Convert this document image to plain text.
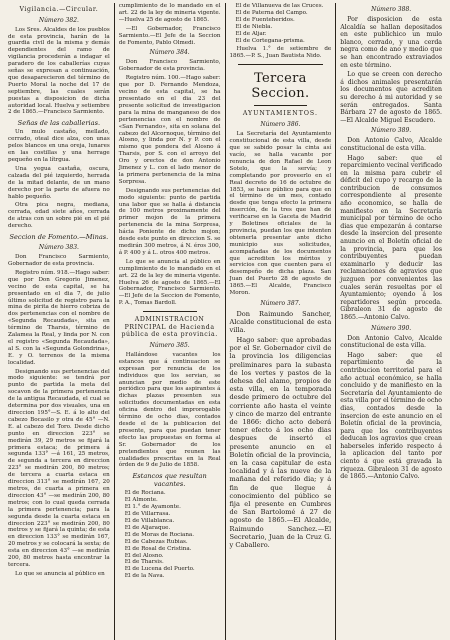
Vigilancia.—Circular.
Número 382.

Los Sres. Alcaldes de los pueblos de esta provincia, harán de la guardia civil de la misma y demás dependientes del ramo de vigilancia procederán a indagar el paradero de los caballerías cuyas señas se expresan a continuación, que desaparecieron del término de Puerto Moral la noche del 17 de septiembre, las cuales serán puestas a disposicion de dicha autoridad local. Huelva y setiembre 2 de 1865.—Francisco Sarmiento.

Señas de las caballerias.

Un mulo castaño, mellado, cerrado, oteal dice alza, con unas pelos blancos en una oreja, lunares en las costillas y una herrage pequeño en la lítrgua.

Una yegua castaña, oscura, calzada del pié izquierdo, herrada de la mitad delante, de un mano derecho por la parte de afuera no hablo pequeño.

Otra pica negra, mediana, cerrada, edad siete años, cerrada de atras con un sobre pié en el pié derecho.

Seccion de Fomento.—Minas.
Número 383.

Don Francisco Sarmiento, Gobernador de esta provincia.

Registro núm. 918.—Hago saber: que por Don Gregorio Jimenez, vecino de esta capital, se ha presentado en el dia 7, de julio último solicitud de registro para la mina de pirita de hierro cobriza de dos pertenencias con el nombre de «Segunda Recaudada», sita en término de Tharsis, término de Zalamea la Real, y linda por N. con el registro «Segunda Recaudada», al S. con la «Segunda Golondrina», E. y O. terrenos de la misma localidad.

Designando sus pertenencias del modo siguiente: se tendrá por punto de partida la meta del socavon de la primera pertenencia de la antigua Recaudada, el cual se determina por dos visuales, una en direccion 195°—S. E. á lo alto del cabezo Bocasilo y otra de 45° —N. E. al cabezo del Toro. Desde dicho punto en direccion 223° se medirán 39, 29 metros se fijará la primera estaca; de primera á segunda 133° —á 161, 25 metros, de segunda a tercera en direccion 223° se medirán 200, 80 metros; de tercera a cuarta estaca en direccion 313° se medirán 167, 20 metros, de cuarta a primera en direccion 43° —se medirán 200, 80 metros; con lo cual queda cerrada la primera pertenencia; para la segunda desde la cuarta estaca en direccion 223° se medirán 200, 80 metros y se fijará la quinta; de esta en direccion 133° se medirán 167, 20 metros y se colocará la sexta; de esta en direccion 43° —se medirán 200, 80 metros hasta encontrar la tercera.

Lo que se anuncia al público en

cumplimiento de lo mandado en el art. 22 de la ley de mineria vigente.—Huelva 25 de agosto de 1865.

—El Gobernador, Francisco Sarmiento.—El Jefe de la Seccion de Fomento, Pablo Olmedi.

Número 384.

Don Francisco Sarmiento, Gobernador de esta provincia.

Registro núm. 100.—Hago saber: que por D. Fernando Mendoza, vecino de esta capital, se ha presentado en el dia 23 del presente solicitud de investigacion para la mina de manganeso de dos pertenencias con el nombre de «San Fernando», sita en solana del cabezo del Alcornoque, término del Alosno, y linda por N. y P. con el mismo que pondera del Alosno á Tharsis, por S. con el arroyo del Oro y orectos de don Antonio Jimenez y L. con el lado menor de la primera pertenencia de la mina Sorpresa.

Designando sus pertenencias del modo siguiente: punto de partida una labor que se halla á distancia de 100 metros proximamente del primer mojon de la primera pertenencia de la mina Sorpresa, hácia Poniente de dicho mojon; desde este punto en direccion S. se medirán 300 metros, á N. éros 300, á P. 400 y á L. otros 400 metros.

Lo que se anuncia al público en cumplimiento de lo mandado en el art. 22 de la ley de mineria vigente. Huelva 26 de agosto de 1865.—El Gobernador, Francisco Sarmiento.—El Jefe de la Seccion de Fomento, P. A., Tomas Bardoll.

ADMINISTRACION PRINCIPAL de Hacienda pública de esta provincia.
Número 385.

Hallándose vacantes los estancos que á continuacion se expresan por renuncia de los individuos que los servian, se anuncian por medio de este periódico para que los aspirantes á dichas plazas presenten sus solicitudes documentadas en esta oficina dentro del improrogable término de ocho dias, contados desde el de la publicacion del presente, para que puedan tener efecto las propuestas en forma al Sr. Gobernador de los pretendientes que reunen las cualidades prescritas en la Real órden de 9 de Julio de 1858.

Estancos que resultan vacantes.
El de Rociana.
El Almonte.
El 1.° de Ayamonte.
El de Villarrasa.
El de Villablanca.
El de Aljaraque.
El de Moras de Rociana.
El de Cabezas Rubias.
El de Rosal de Cristina.
El del Alosno.
El de Tharsis.
El de Lucena del Puerto.
El de la Nava.
El de Villanueva de las Cruces.
El de Paterna del Campo.
El de Fuenteheridos.
El de Niebla.
El de Aljar.
El de Cortegana-prisma.

Huelva 1.° de setiembre de 1865.—P. S., Juan Bautista Nido.

Tercera Seccion.
AYUNTAMIENTOS.
Número 386.

La Secretaría del Ayuntamiento constitucional de esta villa, desde que se sabido posar la cinta así vacío, se halla vacante por renuncia de don Rafael de Leon Sotelo, que la servía; y completando por proveerlo en el Real decreto de 16 de octubre de 1853, se hace público para que en el término de un mes, contado desde que tenga efecto la primera inserción, de la tres que han de verificarse en la Gaceta de Madrid y Boletines oficiales de la provincia, puedan los que intenten obtenerla presentar ante dicho municipio sus solicitudes, acompañadas de los documentos que acrediten los méritos y servicios con que cuenten para el desempeño de dicha plaza. San Juan del Puerto 28 de agosto de 1865.—El Alcalde, Francisco Moron.

Número 387.

Don Raimundo Sancher, Alcalde constitucional de esta villa.

Hago saber: que aprobadas por el Sr. Gobernador civil de la provincia los diligencias preliminares para la subasta de los vertes y pastos de la dehesa del alamo, propios de esta villa, en la temporada desde primero de octubre del corriente año hasta el veinte y cinco de marzo del entrante de 1866: dicho acto deberá tener efecto á los ocho dias despues de insertó el presente anuncio en el Boletín oficial de la provincia, en la casa capitular de esta localidad y á las nueve de la mañana del referido dia; y á fin de que llegue á conocimiento del público se fija el presente en Cumbres de San Bartolomé á 27 de agosto de 1865.—El Alcalde, Raimundo Sanchez.—El Secretario, Juan de la Cruz G. y Caballero.

Número 388.

Por disposicion de esta Alcaldía se hallan depositados en este publichico un mulo blanco, cerrado, y una cerda negra como de ano y medio que se han encontrado extraviados en este término.

Lo que se creen con derecho á dichos animales presentarán los documentos que acrediten su derecho á mi autoridad y se serán entregados. Santa Bárbara 27 de agosto de 1865.—El Alcalde Miguel Escudero.

Número 389.

Don Antonio Calvo, Alcalde constitucional de esta villa.

Hago saber: que el reparcimiento vecinal verificado en la misma para cubrir el déficit del cupo y recargo de la contribucion de consumos correspondiente al presente año economico, se halla de manifiesto en la Secretaría municipal por término de ocho dias que empezarán á contarse desde la insercion del presente anuncio en el Boletín oficial de la provincia, para que los contribuyentes puedan examinarlo y deducir las reclamaciones de agravios que juzguen por convenientes las cuales serán resueltas por el Ayuntamiento; oyendo á los repartidores según proceda. Gibraleon 31 de agosto de 1865.—Antonio Calvo.

Número 390.

Don Antonio Calvo, Alcalde constitucional de esta villa.

Hago saber: que el repartimiento de la contribucion territorial para el año actual económico, se halla concluido y de manifiesto en la Secretaría del Ayuntamiento de esta villa por el término de ocho dias, contados desde la insercion de este anuncio en el Boletín oficial de la provincia, para que los contribuyentes deducan los agravios que crean haberseles inferido respecto á la aplicacion del tanto por ciento á que está gravada la riqueza. Gibraleon 31 de agosto de 1865.—Antonio Calvo.
